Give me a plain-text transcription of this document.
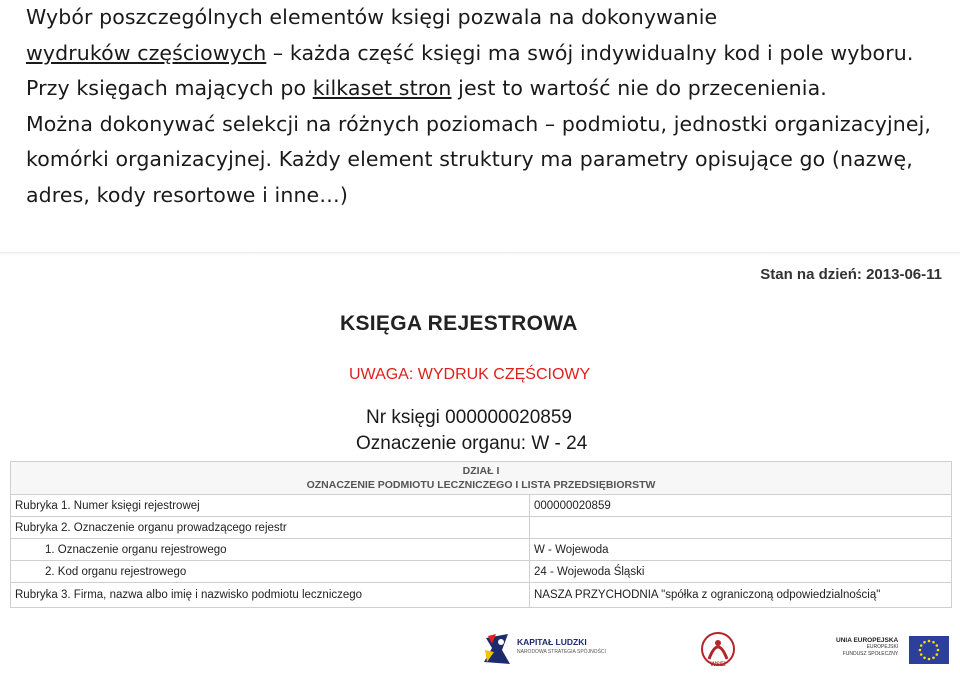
Wybór poszczególnych elementów księgi pozwala na dokonywanie
wydruków częściowych – każda część księgi ma swój indywidualny kod i pole wyboru. Przy księgach mających po kilkaset stron jest to wartość nie do przecenienia.

Można dokonywać selekcji na różnych poziomach – podmiotu, jednostki organizacyjnej, komórki organizacyjnej. Każdy element struktury ma parametry opisujące go (nazwę, adres, kody resortowe i inne…)

Stan na dzień: 2013-06-11
KSIĘGA REJESTROWA
UWAGA: WYDRUK CZĘŚCIOWY
Nr księgi 000000020859
Oznaczenie organu: W - 24
DZIAŁ I
OZNACZENIE PODMIOTU LECZNICZEGO I LISTA PRZEDSIĘBIORSTW	

Rubryka 1. Numer księgi rejestrowej	000000020859
Rubryka 2. Oznaczenie organu prowadzącego rejestr	
1. Oznaczenie organu rejestrowego	W - Wojewoda
2. Kod organu rejestrowego	24 - Wojewoda Śląski
Rubryka 3. Firma, nazwa albo imię i nazwisko podmiotu leczniczego	NASZA PRZYCHODNIA "spółka z ograniczoną odpowiedzialnością"
KAPITAŁ LUDZKI
NARODOWA STRATEGIA SPÓJNOŚCI
WSEI
UNIA EUROPEJSKA
EUROPEJSKI
FUNDUSZ SPOŁECZNY
